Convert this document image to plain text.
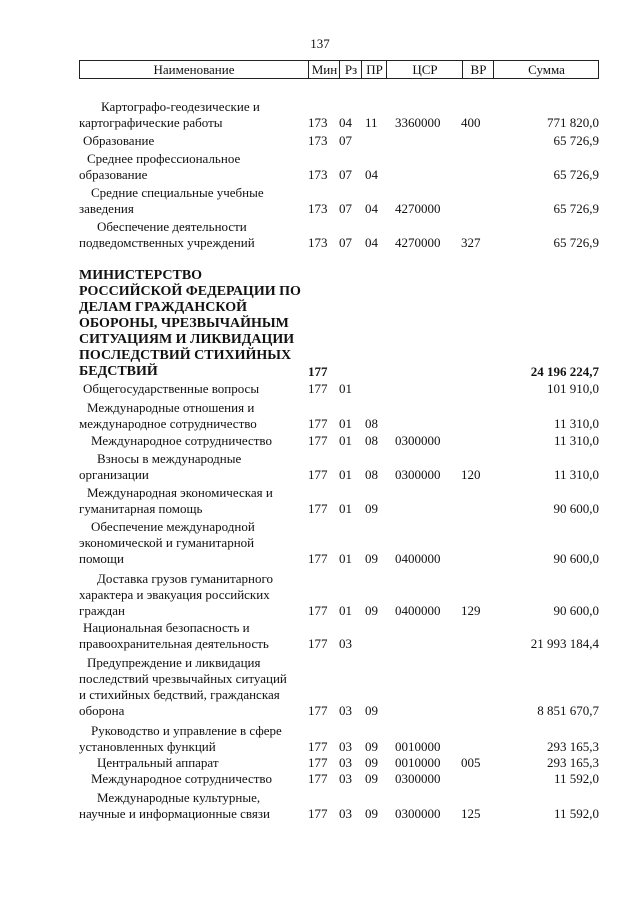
137
Наименование	Мин Рз ПР	ЦСР	ВР	Сумма
Картографо-геодезические и
картографические работы	173 04 11 3360000 400	771 820,0
Образование	173 07	65 726,9
Среднее профессиональное
образование	173 07 04	65 726,9
Средние специальные учебные
заведения	173 07 04 4270000	65 726,9
Обеспечение деятельности
подведомственных учреждений	173 07 04 4270000 327	65 726,9
МИНИСТЕРСТВО
РОССИЙСКОЙ ФЕДЕРАЦИИ ПО
ДЕЛАМ ГРАЖДАНСКОЙ
ОБОРОНЫ, ЧРЕЗВЫЧАЙНЫМ
СИТУАЦИЯМ И ЛИКВИДАЦИИ
ПОСЛЕДСТВИЙ СТИХИЙНЫХ
БЕДСТВИЙ	177	24 196 224,7
Общегосударственные вопросы	177 01	101 910,0
Международные отношения и
международное сотрудничество	177 01 08	11 310,0
Международное сотрудничество	177 01 08 0300000	11 310,0
Взносы в международные
организации	177 01 08 0300000 120	11 310,0
Международная экономическая и
гуманитарная помощь	177 01 09	90 600,0
Обеспечение международной
экономической и гуманитарной
помощи	177 01 09 0400000	90 600,0
Доставка грузов гуманитарного
характера и эвакуация российских
граждан	177 01 09 0400000 129	90 600,0
Национальная безопасность и
правоохранительная деятельность	177 03	21 993 184,4
Предупреждение и ликвидация
последствий чрезвычайных ситуаций
и стихийных бедствий, гражданская
оборона	177 03 09	8 851 670,7
Руководство и управление в сфере
установленных функций	177 03 09 0010000	293 165,3
Центральный аппарат	177 03 09 0010000 005	293 165,3
Международное сотрудничество	177 03 09 0300000	11 592,0
Международные культурные,
научные и информационные связи	177 03 09 0300000 125	11 592,0
